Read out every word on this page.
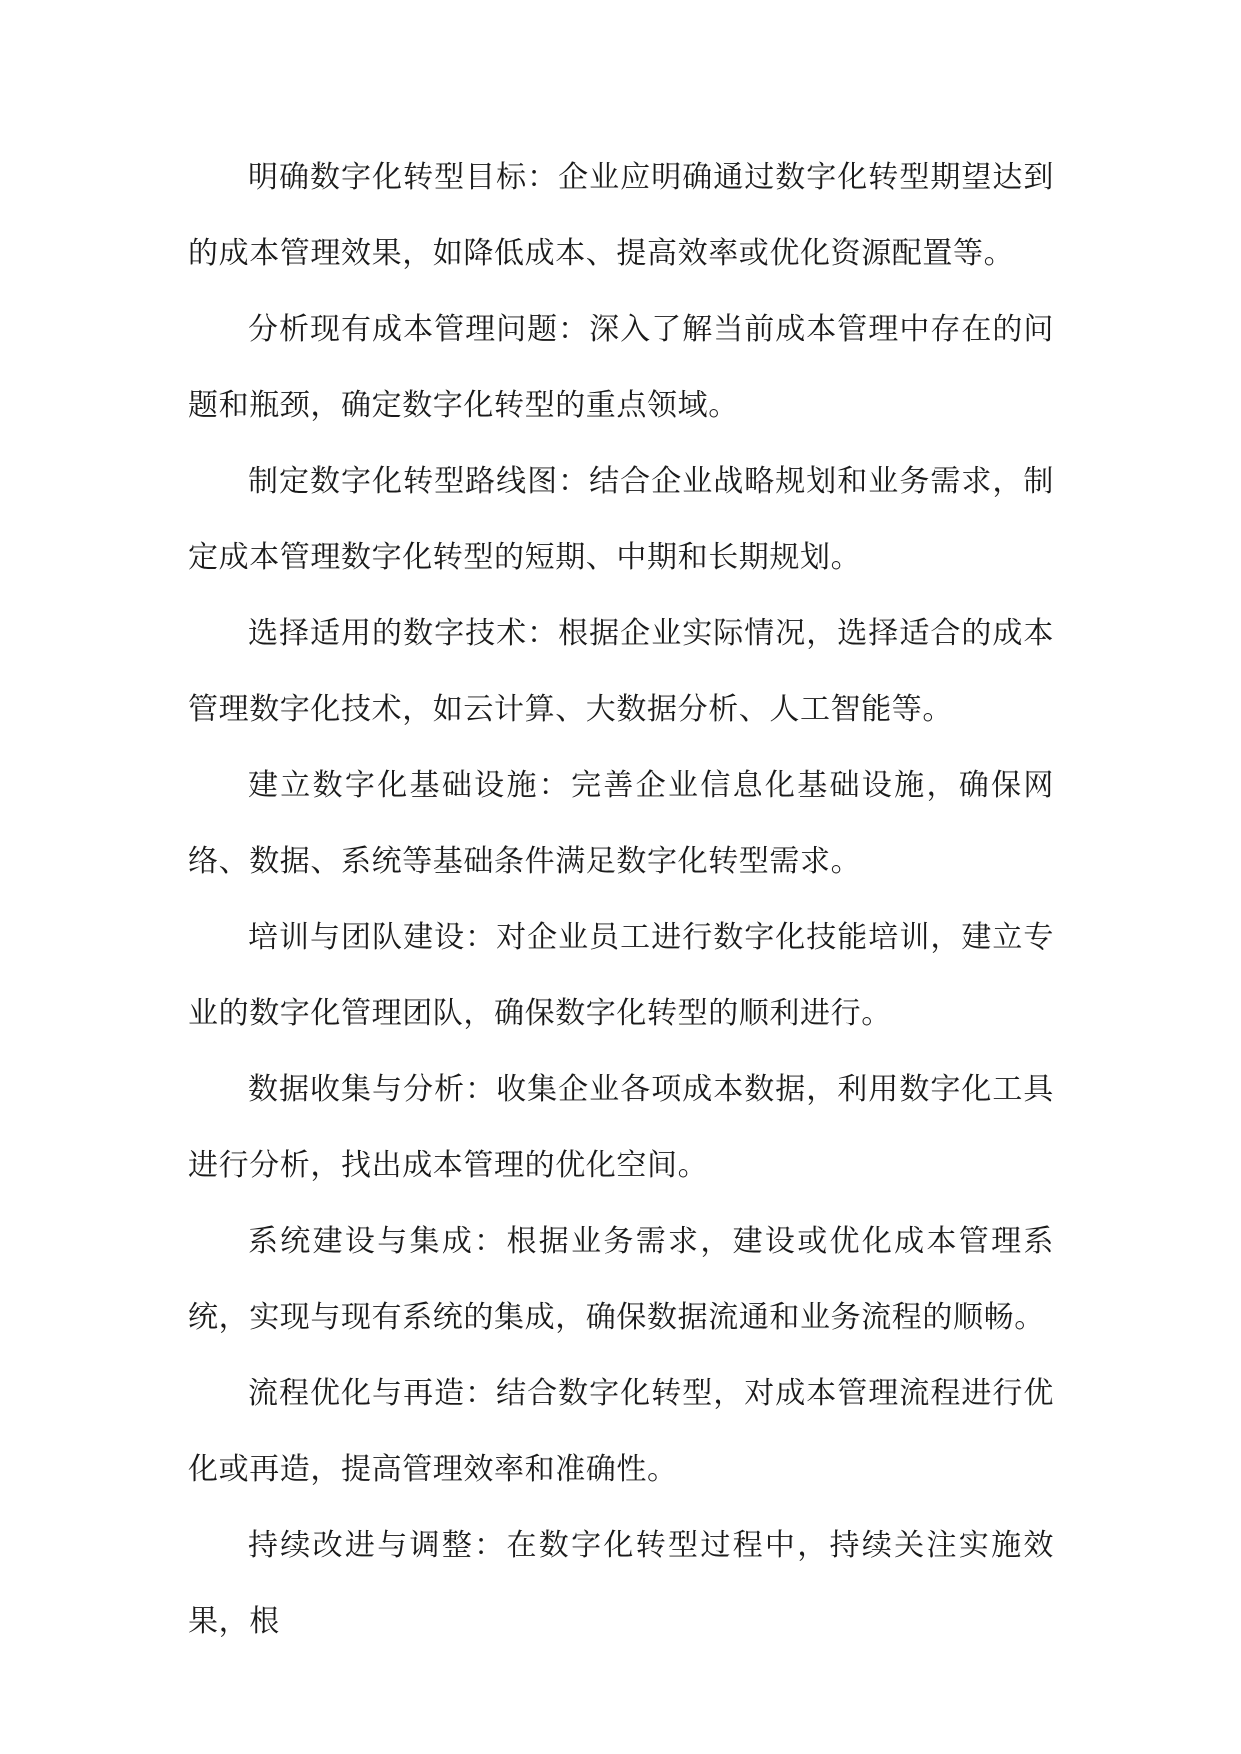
明确数字化转型目标：企业应明确通过数字化转型期望达到的成本管理效果，如降低成本、提高效率或优化资源配置等。

分析现有成本管理问题：深入了解当前成本管理中存在的问题和瓶颈，确定数字化转型的重点领域。

制定数字化转型路线图：结合企业战略规划和业务需求，制定成本管理数字化转型的短期、中期和长期规划。

选择适用的数字技术：根据企业实际情况，选择适合的成本管理数字化技术，如云计算、大数据分析、人工智能等。

建立数字化基础设施：完善企业信息化基础设施，确保网络、数据、系统等基础条件满足数字化转型需求。

培训与团队建设：对企业员工进行数字化技能培训，建立专业的数字化管理团队，确保数字化转型的顺利进行。

数据收集与分析：收集企业各项成本数据，利用数字化工具进行分析，找出成本管理的优化空间。

系统建设与集成：根据业务需求，建设或优化成本管理系统，实现与现有系统的集成，确保数据流通和业务流程的顺畅。

流程优化与再造：结合数字化转型，对成本管理流程进行优化或再造，提高管理效率和准确性。

持续改进与调整：在数字化转型过程中，持续关注实施效果，根
